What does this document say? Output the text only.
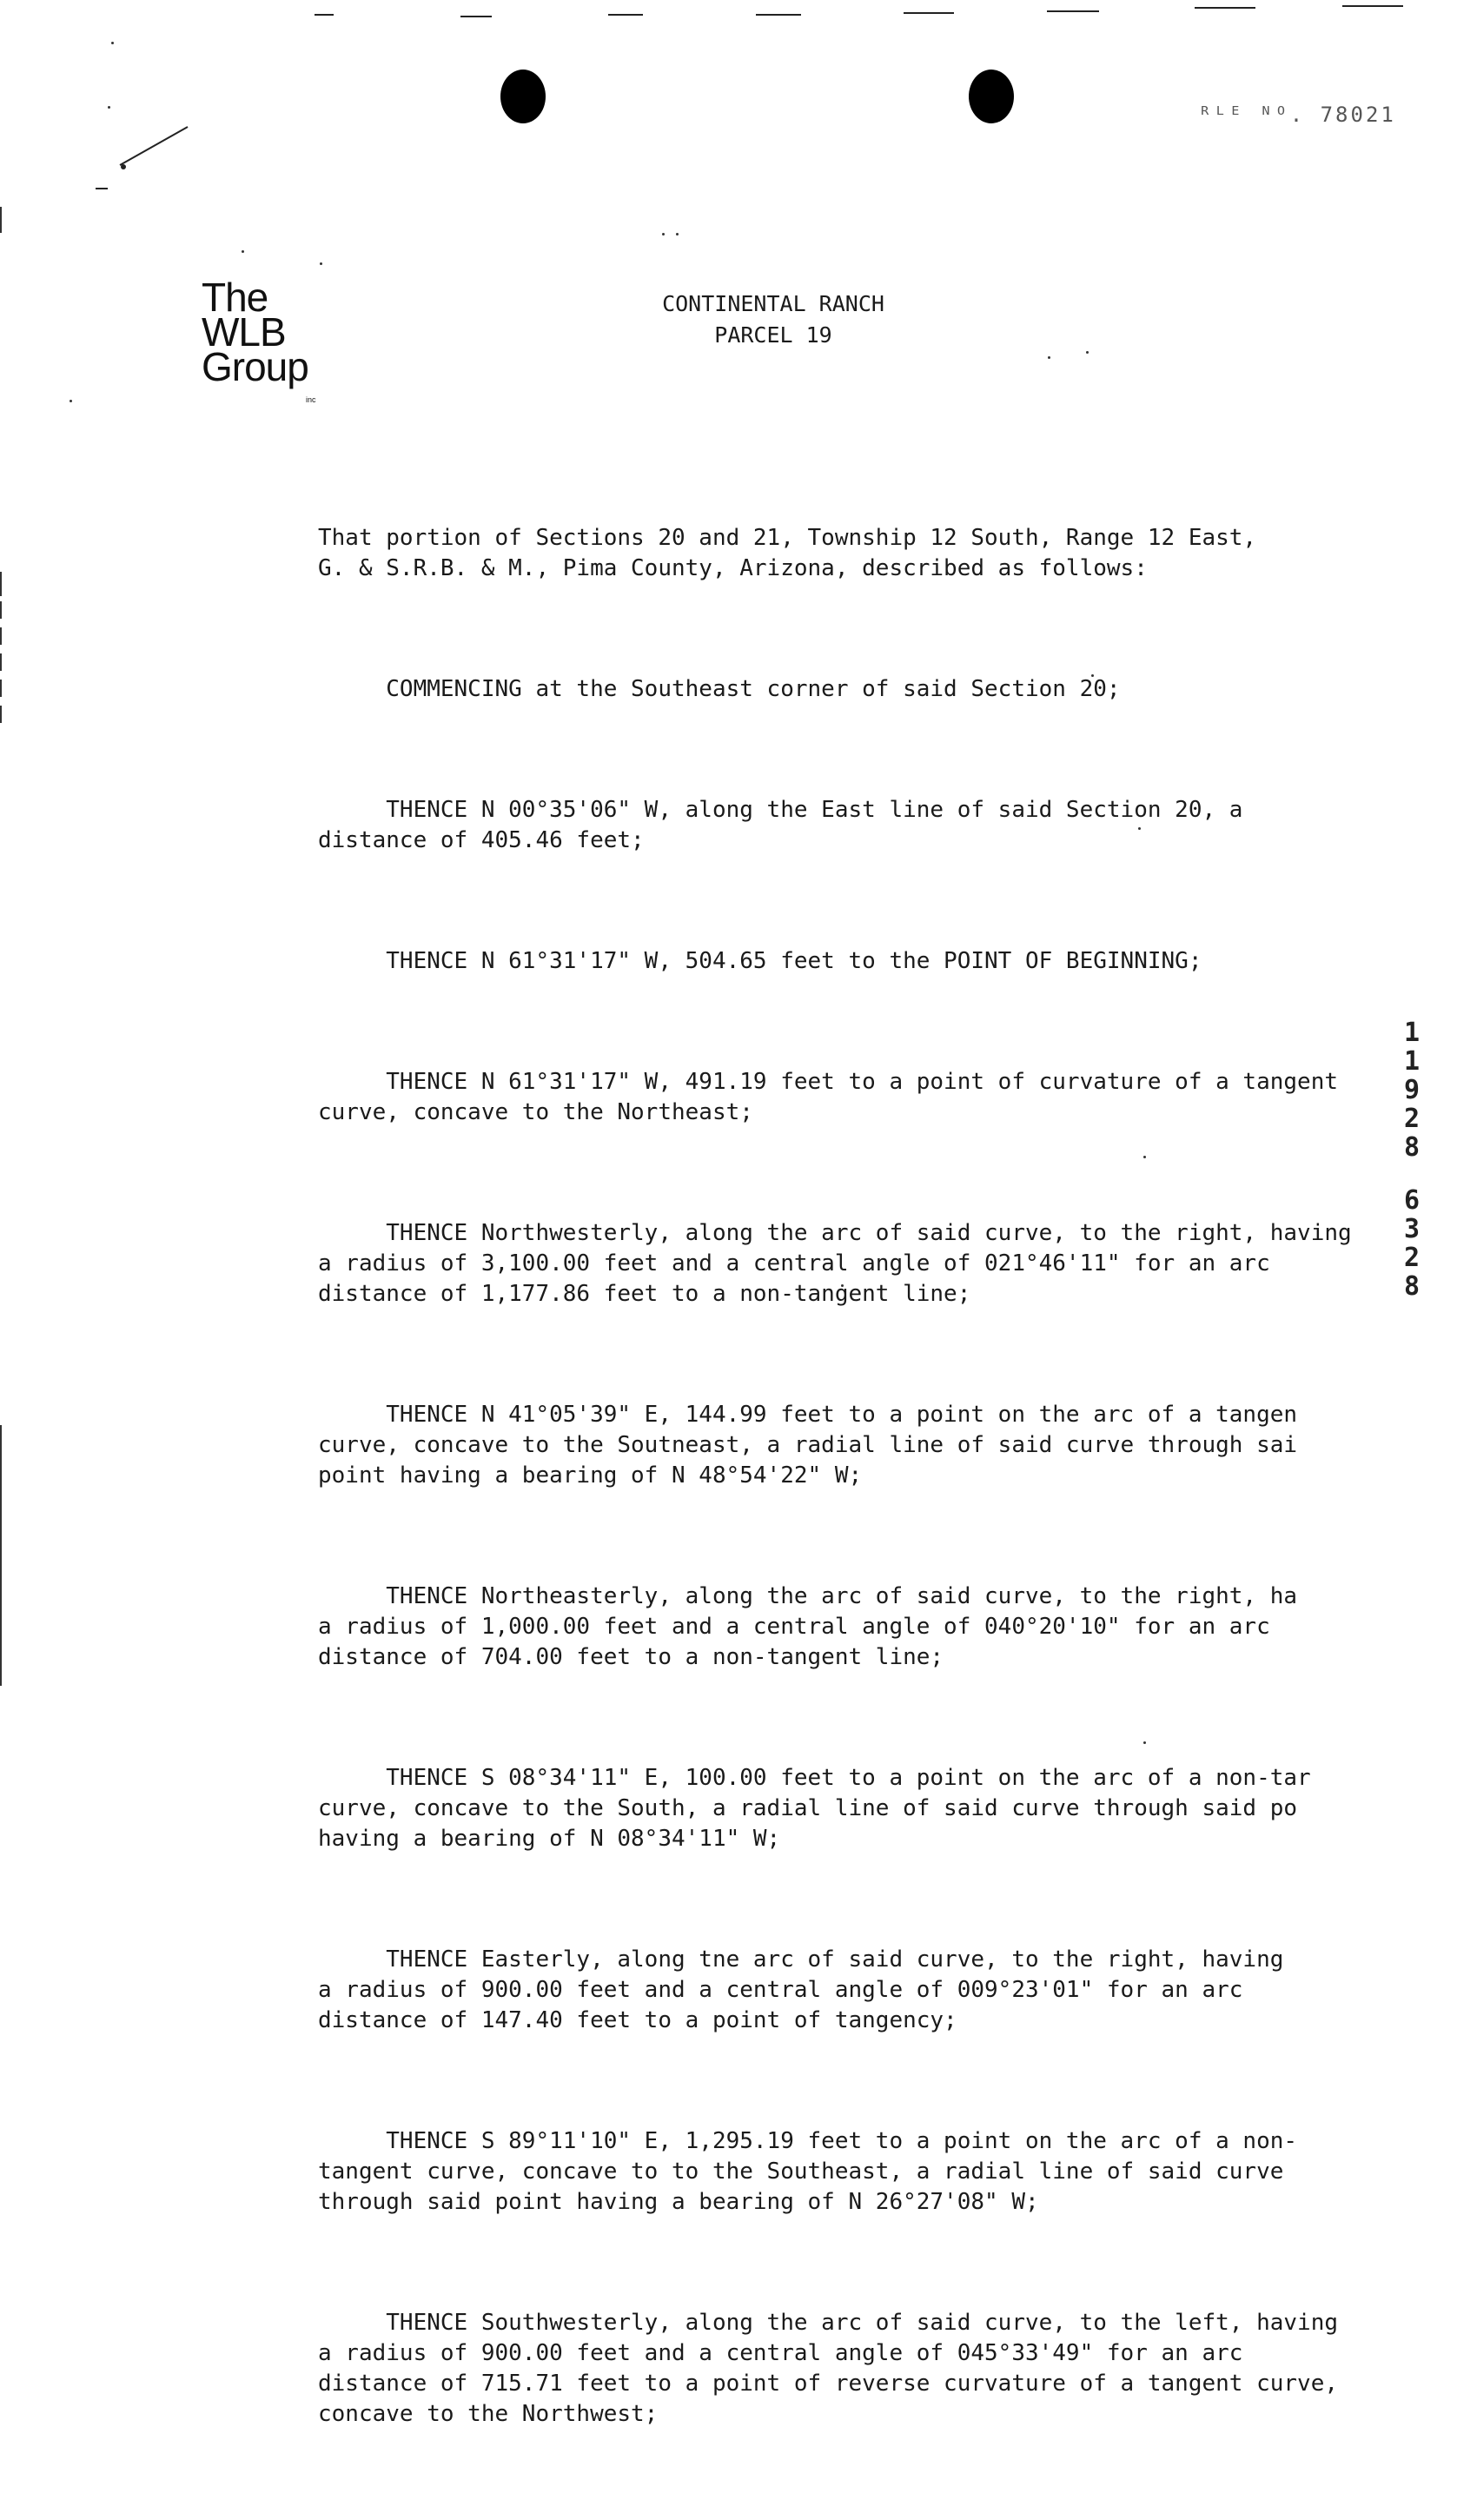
ᴿᴸᴱ ᴺᴼ. 78021
The
WLB
Group
inc
CONTINENTAL RANCH
PARCEL 19

That portion of Sections 20 and 21, Township 12 South, Range 12 East,
G. & S.R.B. & M., Pima County, Arizona, described as follows:

COMMENCING at the Southeast corner of said Section 20;

THENCE N 00°35'06" W, along the East line of said Section 20, a
distance of 405.46 feet;

THENCE N 61°31'17" W, 504.65 feet to the POINT OF BEGINNING;

THENCE N 61°31'17" W, 491.19 feet to a point of curvature of a tangent
curve, concave to the Northeast;

THENCE Northwesterly, along the arc of said curve, to the right, having
a radius of 3,100.00 feet and a central angle of 021°46'11" for an arc
distance of 1,177.86 feet to a non-tangent line;

THENCE N 41°05'39" E, 144.99 feet to a point on the arc of a tangen
curve, concave to the Soutneast, a radial line of said curve through sai
point having a bearing of N 48°54'22" W;

THENCE Northeasterly, along the arc of said curve, to the right, ha
a radius of 1,000.00 feet and a central angle of 040°20'10" for an arc
distance of 704.00 feet to a non-tangent line;

THENCE S 08°34'11" E, 100.00 feet to a point on the arc of a non-tar
curve, concave to the South, a radial line of said curve through said po
having a bearing of N 08°34'11" W;

THENCE Easterly, along tne arc of said curve, to the right, having
a radius of 900.00 feet and a central angle of 009°23'01" for an arc
distance of 147.40 feet to a point of tangency;

THENCE S 89°11'10" E, 1,295.19 feet to a point on the arc of a non-
tangent curve, concave to to the Southeast, a radial line of said curve
through said point having a bearing of N 26°27'08" W;

THENCE Southwesterly, along the arc of said curve, to the left, having
a radius of 900.00 feet and a central angle of 045°33'49" for an arc
distance of 715.71 feet to a point of reverse curvature of a tangent curve,
concave to the Northwest;

1
1
9
2
8
6
3
2
8
